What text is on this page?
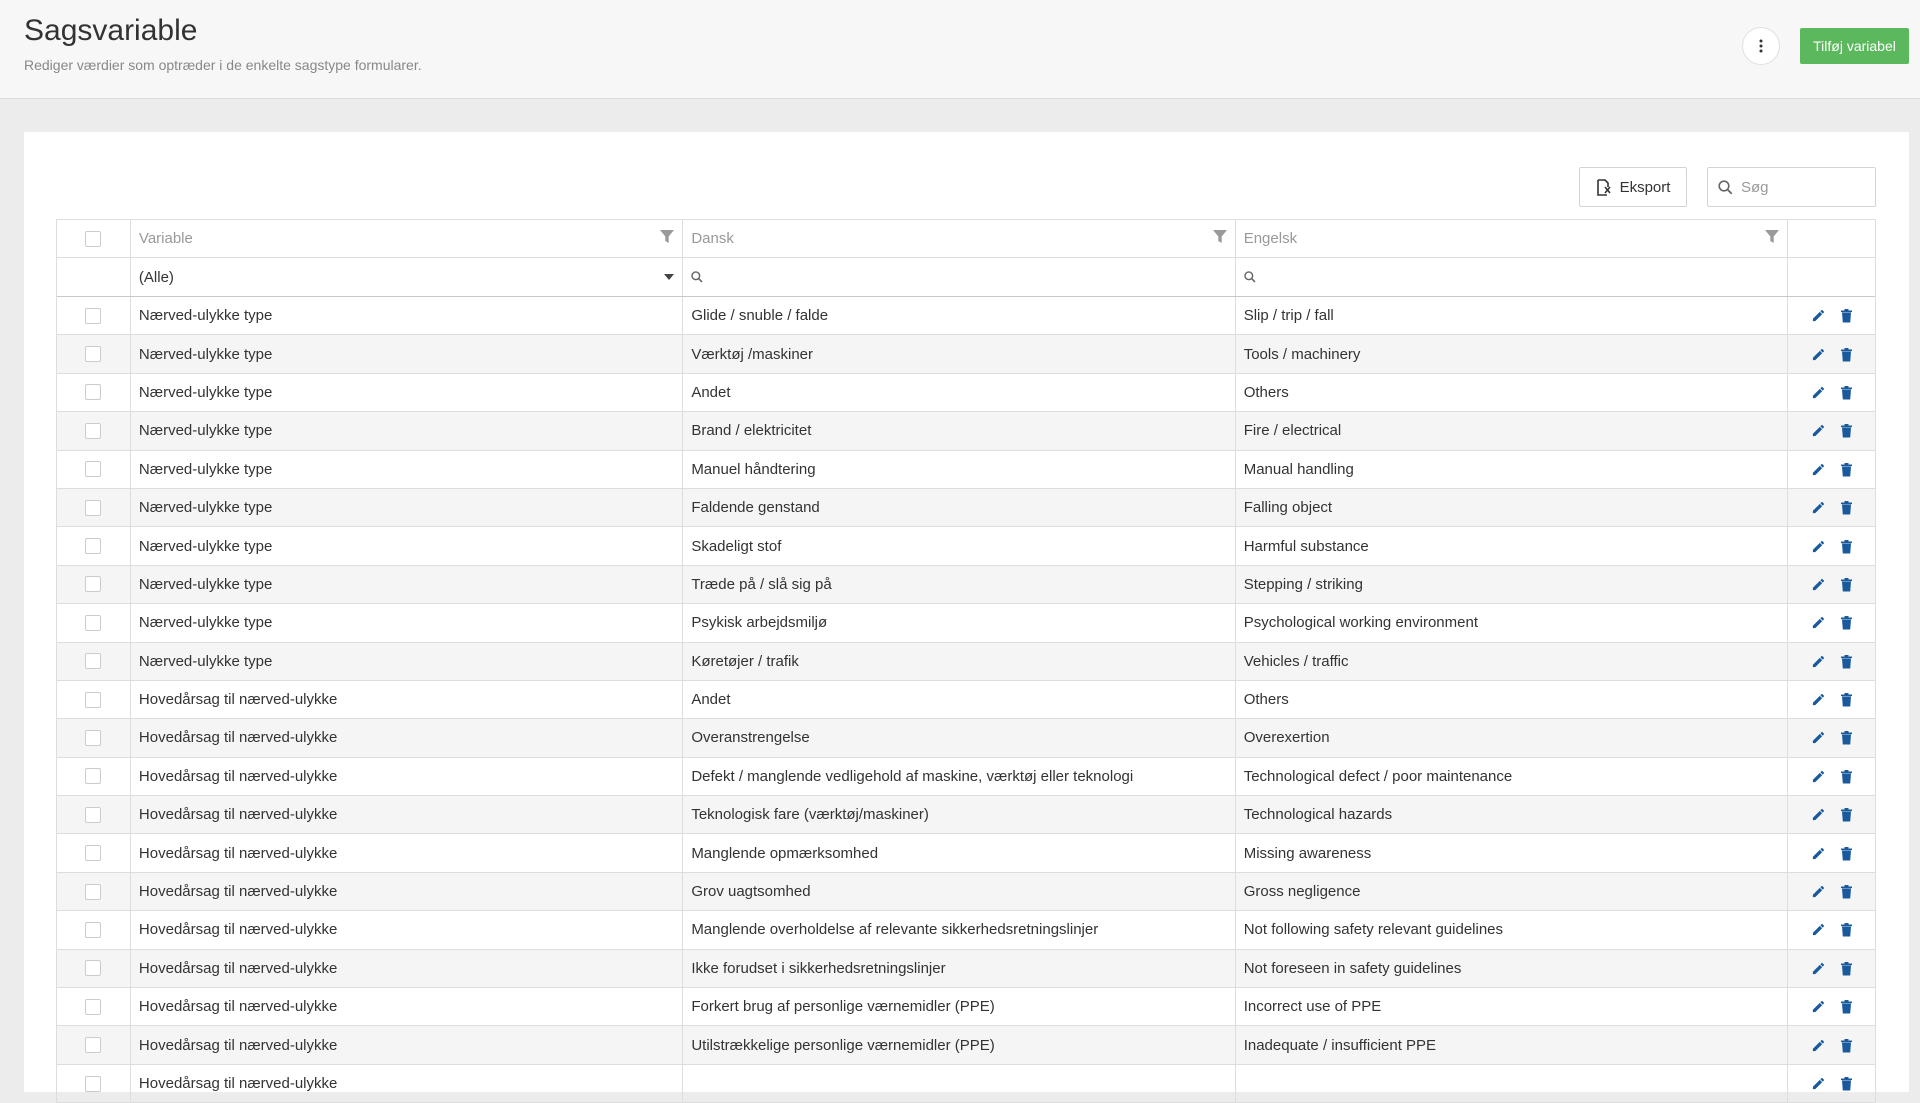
Sagsvariable
Rediger værdier som optræder i de enkelte sagstype formularer.
Tilføj variabel
Eksport
Søg
Variable	Dansk	Engelsk
(Alle)
Nærved-ulykke type	Glide / snuble / falde	Slip / trip / fall
Nærved-ulykke type	Værktøj /maskiner	Tools / machinery
Nærved-ulykke type	Andet	Others
Nærved-ulykke type	Brand / elektricitet	Fire / electrical
Nærved-ulykke type	Manuel håndtering	Manual handling
Nærved-ulykke type	Faldende genstand	Falling object
Nærved-ulykke type	Skadeligt stof	Harmful substance
Nærved-ulykke type	Træde på / slå sig på	Stepping / striking
Nærved-ulykke type	Psykisk arbejdsmiljø	Psychological working environment
Nærved-ulykke type	Køretøjer / trafik	Vehicles / traffic
Hovedårsag til nærved-ulykke	Andet	Others
Hovedårsag til nærved-ulykke	Overanstrengelse	Overexertion
Hovedårsag til nærved-ulykke	Defekt / manglende vedligehold af maskine, værktøj eller teknologi	Technological defect / poor maintenance
Hovedårsag til nærved-ulykke	Teknologisk fare (værktøj/maskiner)	Technological hazards
Hovedårsag til nærved-ulykke	Manglende opmærksomhed	Missing awareness
Hovedårsag til nærved-ulykke	Grov uagtsomhed	Gross negligence
Hovedårsag til nærved-ulykke	Manglende overholdelse af relevante sikkerhedsretningslinjer	Not following safety relevant guidelines
Hovedårsag til nærved-ulykke	Ikke forudset i sikkerhedsretningslinjer	Not foreseen in safety guidelines
Hovedårsag til nærved-ulykke	Forkert brug af personlige værnemidler (PPE)	Incorrect use of PPE
Hovedårsag til nærved-ulykke	Utilstrækkelige personlige værnemidler (PPE)	Inadequate / insufficient PPE
Hovedårsag til nærved-ulykke
